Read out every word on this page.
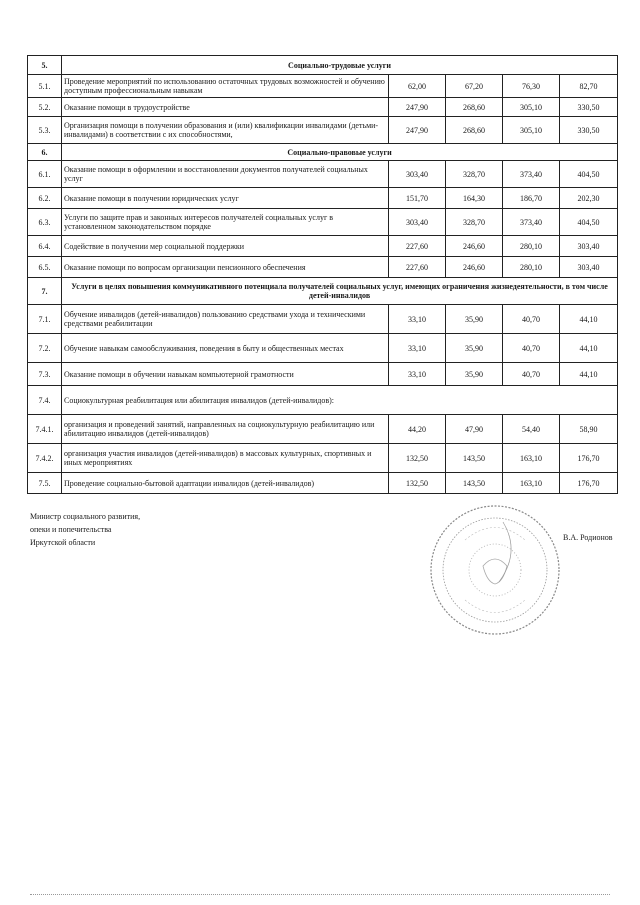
5.	Социально-трудовые услуги				
5.1.	Проведение мероприятий по использованию остаточных трудовых возможностей и обучению доступным профессиональным навыкам	62,00	67,20	76,30	82,70
5.2.	Оказание помощи в трудоустройстве	247,90	268,60	305,10	330,50
5.3.	Организация помощи в получении образования и (или) квалификации инвалидами (детьми-инвалидами) в соответствии с их способностями,	247,90	268,60	305,10	330,50
6.	Социально-правовые услуги				
6.1.	Оказание помощи в оформлении и восстановлении документов получателей социальных услуг	303,40	328,70	373,40	404,50
6.2.	Оказание помощи в получении юридических услуг	151,70	164,30	186,70	202,30
6.3.	Услуги по защите прав и законных интересов получателей социальных услуг в установленном законодательством порядке	303,40	328,70	373,40	404,50
6.4.	Содействие в получении мер социальной поддержки	227,60	246,60	280,10	303,40
6.5.	Оказание помощи по вопросам организации пенсионного обеспечения	227,60	246,60	280,10	303,40
7.	Услуги в целях повышения коммуникативного потенциала получателей социальных услуг, имеющих ограничения жизнедеятельности, в том числе детей-инвалидов				
7.1.	Обучение инвалидов (детей-инвалидов) пользованию средствами ухода и техническими средствами реабилитации	33,10	35,90	40,70	44,10
7.2.	Обучение навыкам самообслуживания, поведения в быту и общественных местах	33,10	35,90	40,70	44,10
7.3.	Оказание помощи в обучении навыкам компьютерной грамотности	33,10	35,90	40,70	44,10
7.4.	Социокультурная реабилитация или абилитация инвалидов (детей-инвалидов):				
7.4.1.	организация и проведений занятий, направленных на социокультурную реабилитацию или абилитацию инвалидов (детей-инвалидов)	44,20	47,90	54,40	58,90
7.4.2.	организация участия инвалидов (детей-инвалидов) в массовых культурных, спортивных и иных мероприятиях	132,50	143,50	163,10	176,70
7.5.	Проведение социально-бытовой адаптации инвалидов (детей-инвалидов)	132,50	143,50	163,10	176,70
Министр социального развития,
опеки и попечительства
Иркутской области
В.А. Родионов
